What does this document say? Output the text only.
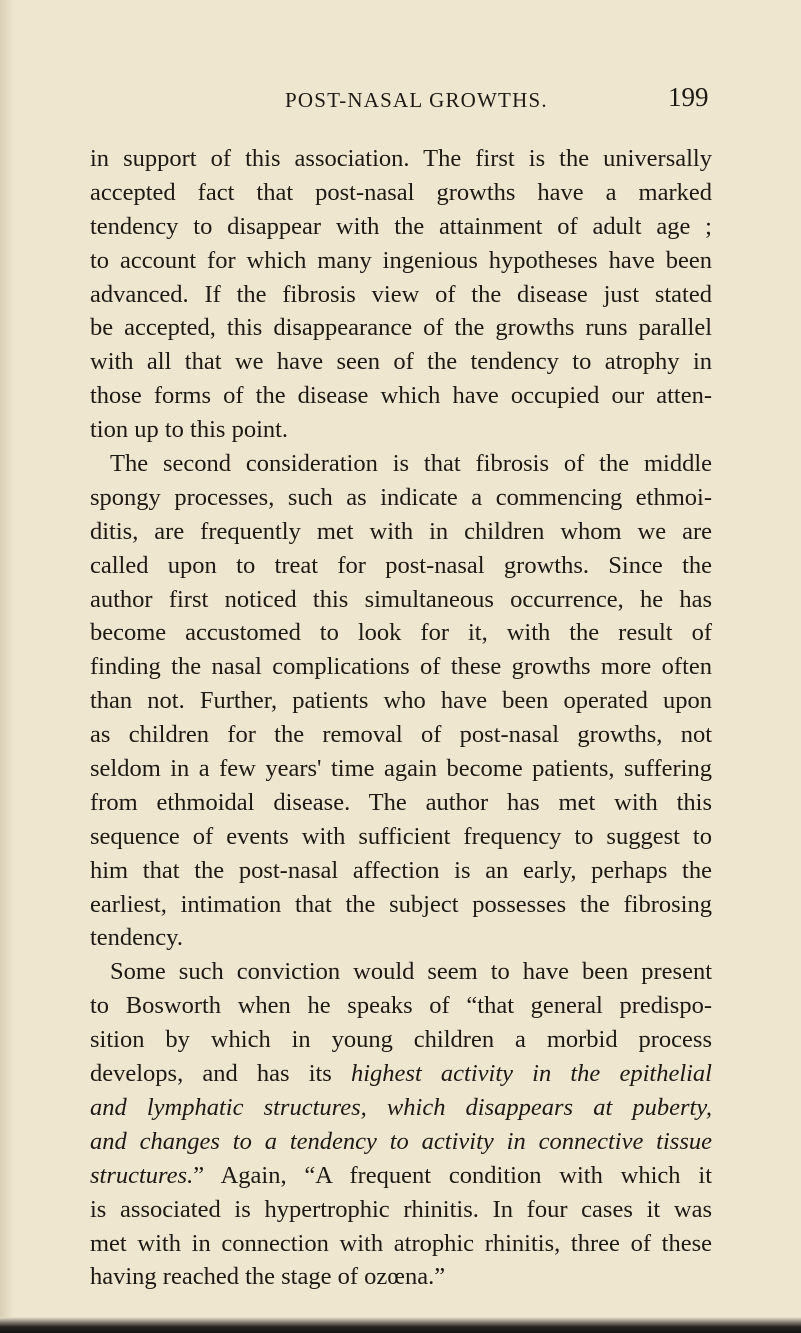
POST-NASAL GROWTHS.	199
in support of this association. The first is the universally
accepted fact that post-nasal growths have a marked
tendency to disappear with the attainment of adult age ;
to account for which many ingenious hypotheses have been
advanced. If the fibrosis view of the disease just stated
be accepted, this disappearance of the growths runs parallel
with all that we have seen of the tendency to atrophy in
those forms of the disease which have occupied our atten-
tion up to this point.
The second consideration is that fibrosis of the middle
spongy processes, such as indicate a commencing ethmoi-
ditis, are frequently met with in children whom we are
called upon to treat for post-nasal growths. Since the
author first noticed this simultaneous occurrence, he has
become accustomed to look for it, with the result of
finding the nasal complications of these growths more often
than not. Further, patients who have been operated upon
as children for the removal of post-nasal growths, not
seldom in a few years' time again become patients, suffering
from ethmoidal disease. The author has met with this
sequence of events with sufficient frequency to suggest to
him that the post-nasal affection is an early, perhaps the
earliest, intimation that the subject possesses the fibrosing
tendency.
Some such conviction would seem to have been present
to Bosworth when he speaks of “that general predispo-
sition by which in young children a morbid process
develops, and has its highest activity in the epithelial
and lymphatic structures, which disappears at puberty,
and changes to a tendency to activity in connective tissue
structures.” Again, “A frequent condition with which it
is associated is hypertrophic rhinitis. In four cases it was
met with in connection with atrophic rhinitis, three of these
having reached the stage of ozœna.”
